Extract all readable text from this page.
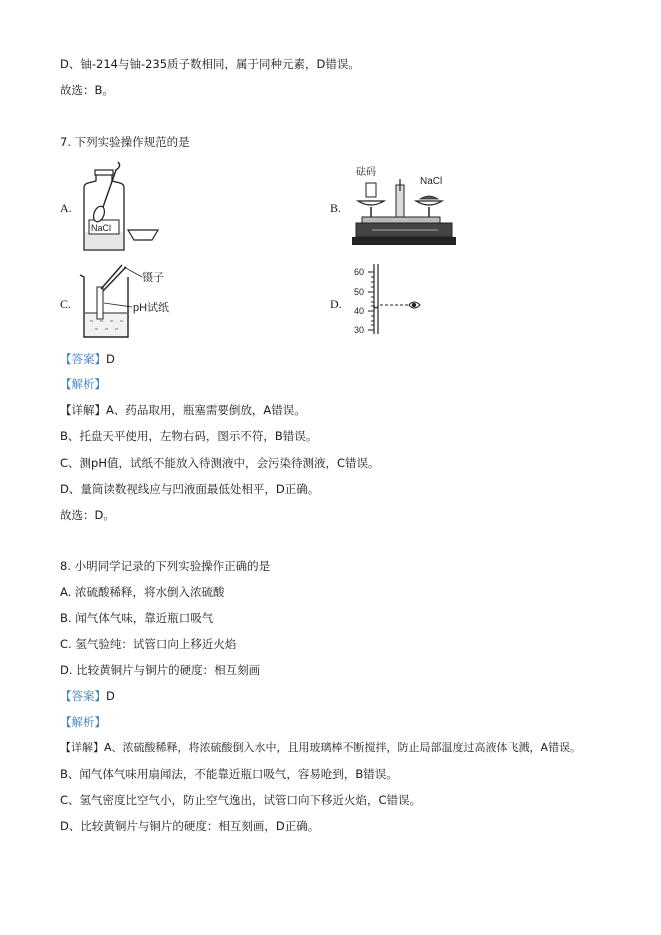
D、铀-214与铀-235质子数相同，属于同种元素，D错误。
故选：B。
7. 下列实验操作规范的是
A.	B.
C.	D.
NaCl
砝码
NaCl
镊子
pH试纸
60
50
40
30
【答案】D
【解析】
【详解】A、药品取用，瓶塞需要倒放，A错误。
B、托盘天平使用，左物右码，图示不符，B错误。
C、测pH值，试纸不能放入待测液中，会污染待测液，C错误。
D、量筒读数视线应与凹液面最低处相平，D正确。
故选：D。
8. 小明同学记录的下列实验操作正确的是
A. 浓硫酸稀释，将水倒入浓硫酸
B. 闻气体气味，靠近瓶口吸气
C. 氢气验纯：试管口向上移近火焰
D. 比较黄铜片与铜片的硬度：相互刻画
【答案】D
【解析】
【详解】A、浓硫酸稀释，将浓硫酸倒入水中，且用玻璃棒不断搅拌，防止局部温度过高液体飞溅，A错误。
B、闻气体气味用扇闻法，不能靠近瓶口吸气，容易呛到，B错误。
C、氢气密度比空气小，防止空气逸出，试管口向下移近火焰，C错误。
D、比较黄铜片与铜片的硬度：相互刻画，D正确。
